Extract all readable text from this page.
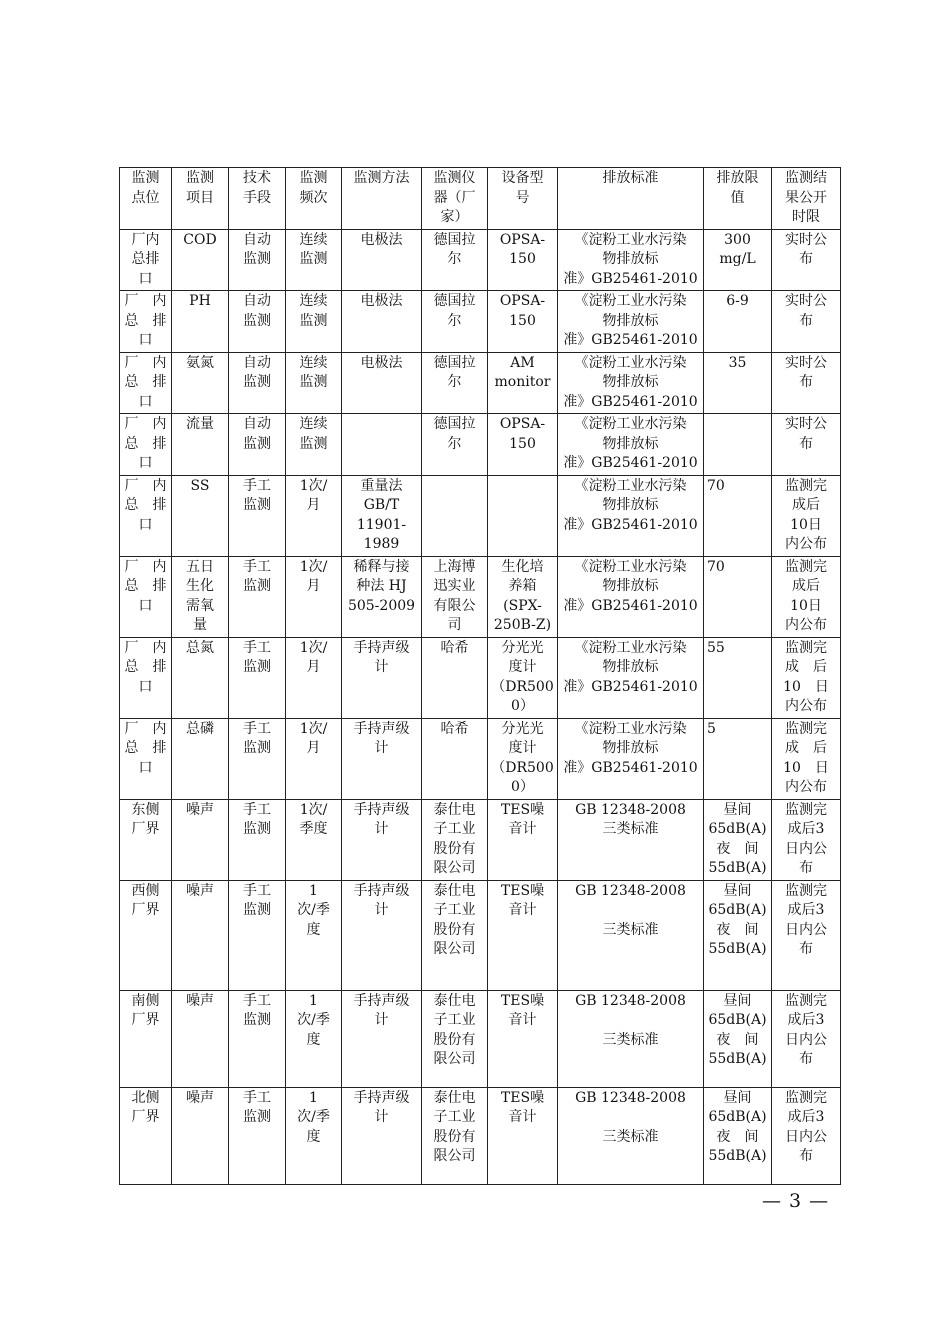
监测
点位	监测
项目	技术
手段	监测
频次	监测方法	监测仪
器（厂
家）	设备型
号	排放标准	排放限
值	监测结
果公开
时限

厂内
总排
口	COD	自动
监测	连续
监测	电极法	德国拉
尔	OPSA-
150	《淀粉工业水污染
物排放标
准》GB25461-2010	300
mg/L	实时公
布

厂　内
总　排
口	PH	自动
监测	连续
监测	电极法	德国拉
尔	OPSA-
150	《淀粉工业水污染
物排放标
准》GB25461-2010	6-9	实时公
布

厂　内
总　排
口	氨氮	自动
监测	连续
监测	电极法	德国拉
尔	AM
monitor	《淀粉工业水污染
物排放标
准》GB25461-2010	35	实时公
布

厂　内
总　排
口	流量	自动
监测	连续
监测		德国拉
尔	OPSA-
150	《淀粉工业水污染
物排放标
准》GB25461-2010		实时公
布

厂　内
总　排
口	SS	手工
监测	1次/
月	重量法
GB/T
11901-
1989			《淀粉工业水污染
物排放标
准》GB25461-2010	70	监测完
成后
10日
内公布

厂　内
总　排
口	五日
生化
需氧
量	手工
监测	1次/
月	稀释与接
种法 HJ
505-2009	上海博
迅实业
有限公
司	生化培
养箱
(SPX-
250B-Z)	《淀粉工业水污染
物排放标
准》GB25461-2010	70	监测完
成后
10日
内公布

厂　内
总　排
口	总氮	手工
监测	1次/
月	手持声级
计	哈希	分光光
度计
（DR500
0）	《淀粉工业水污染
物排放标
准》GB25461-2010	55	监测完
成　后
10　日
内公布

厂　内
总　排
口	总磷	手工
监测	1次/
月	手持声级
计	哈希	分光光
度计
（DR500
0）	《淀粉工业水污染
物排放标
准》GB25461-2010	5	监测完
成　后
10　日
内公布

东侧
厂界	噪声	手工
监测	1次/
季度	手持声级
计	泰仕电
子工业
股份有
限公司	TES噪
音计	GB 12348-2008
三类标准	昼间
65dB(A)
夜　间
55dB(A)	监测完
成后3
日内公
布

西侧
厂界	噪声	手工
监测	1
次/季
度	手持声级
计	泰仕电
子工业
股份有
限公司	TES噪
音计	GB 12348-2008

三类标准	昼间
65dB(A)
夜　间
55dB(A)	监测完
成后3
日内公
布

南侧
厂界	噪声	手工
监测	1
次/季
度	手持声级
计	泰仕电
子工业
股份有
限公司	TES噪
音计	GB 12348-2008

三类标准	昼间
65dB(A)
夜　间
55dB(A)	监测完
成后3
日内公
布

北侧
厂界	噪声	手工
监测	1
次/季
度	手持声级
计	泰仕电
子工业
股份有
限公司	TES噪
音计	GB 12348-2008

三类标准	昼间
65dB(A)
夜　间
55dB(A)	监测完
成后3
日内公
布
— 3 —
